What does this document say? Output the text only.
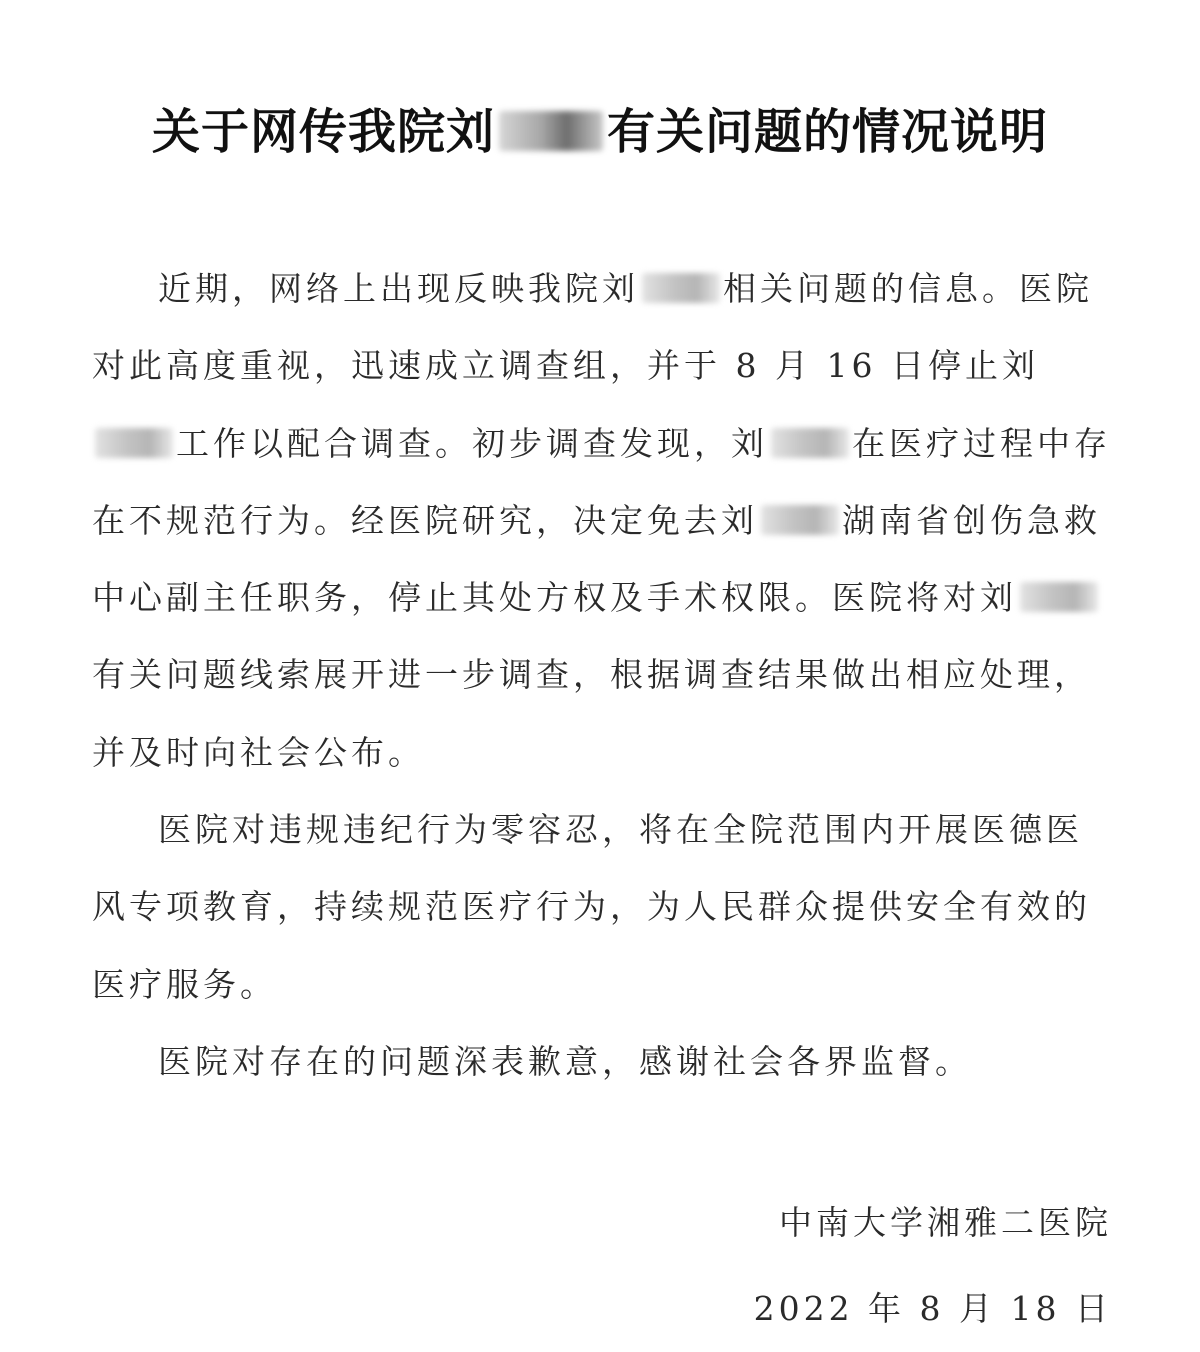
关于网传我院刘 有关问题的情况说明

近期，网络上出现反映我院刘	相关问题的信息。医院对此高度重视，迅速成立调查组，并于 8 月 16 日停止刘工作以配合调查。初步调查发现，刘	在医疗过程中存在不规范行为。经医院研究，决定免去刘	湖南省创伤急救中心副主任职务，停止其处方权及手术权限。医院将对刘有关问题线索展开进一步调查，根据调查结果做出相应处理，并及时向社会公布。

医院对违规违纪行为零容忍，将在全院范围内开展医德医风专项教育，持续规范医疗行为，为人民群众提供安全有效的医疗服务。

医院对存在的问题深表歉意，感谢社会各界监督。

中南大学湘雅二医院
2022 年 8 月 18 日
